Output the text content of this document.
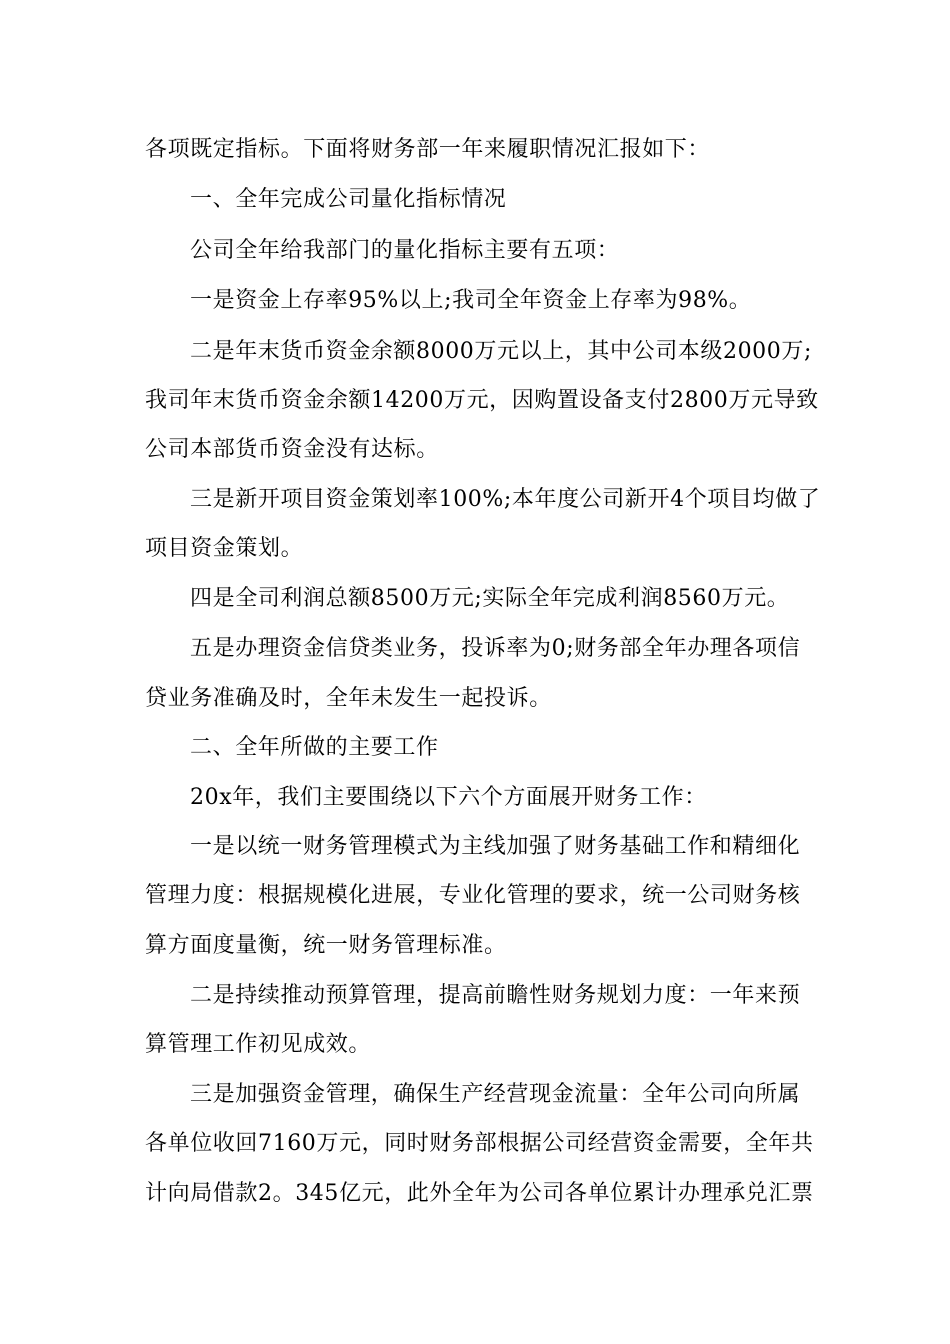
各项既定指标。下面将财务部一年来履职情况汇报如下：
一、全年完成公司量化指标情况
公司全年给我部门的量化指标主要有五项：
一是资金上存率95%以上;我司全年资金上存率为98%。
二是年末货币资金余额8000万元以上，其中公司本级2000万;
我司年末货币资金余额14200万元，因购置设备支付2800万元导致
公司本部货币资金没有达标。
三是新开项目资金策划率100%;本年度公司新开4个项目均做了
项目资金策划。
四是全司利润总额8500万元;实际全年完成利润8560万元。
五是办理资金信贷类业务，投诉率为0;财务部全年办理各项信
贷业务准确及时，全年未发生一起投诉。
二、全年所做的主要工作
20x年，我们主要围绕以下六个方面展开财务工作：
一是以统一财务管理模式为主线加强了财务基础工作和精细化
管理力度：根据规模化进展，专业化管理的要求，统一公司财务核
算方面度量衡，统一财务管理标准。
二是持续推动预算管理，提高前瞻性财务规划力度：一年来预
算管理工作初见成效。
三是加强资金管理，确保生产经营现金流量：全年公司向所属
各单位收回7160万元，同时财务部根据公司经营资金需要，全年共
计向局借款2。345亿元，此外全年为公司各单位累计办理承兑汇票
